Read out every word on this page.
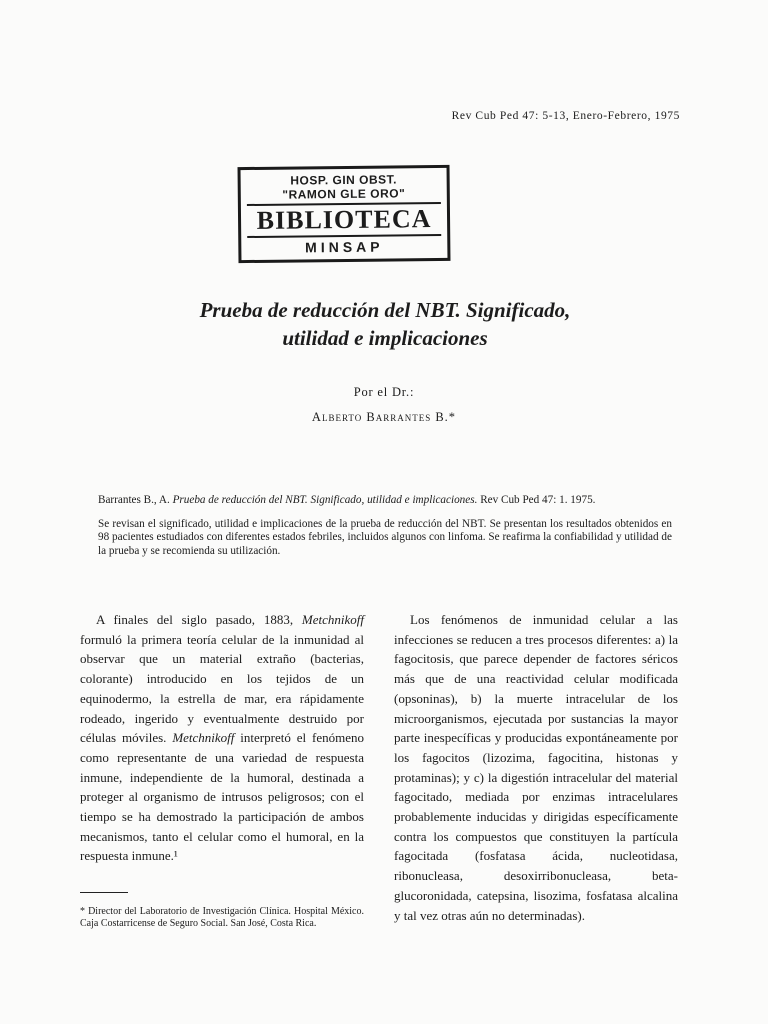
Rev Cub Ped 47: 5-13, Enero-Febrero, 1975
HOSP. GIN OBST.
"RAMON GLE ORO"
BIBLIOTECA
MINSAP
Prueba de reducción del NBT. Significado,
utilidad e implicaciones
Por el Dr.:
Alberto Barrantes B.*

Barrantes B., A. Prueba de reducción del NBT. Significado, utilidad e implicaciones. Rev Cub Ped 47: 1. 1975.

Se revisan el significado, utilidad e implicaciones de la prueba de reducción del NBT. Se presentan los resultados obtenidos en 98 pacientes estudiados con diferentes estados febriles, incluidos algunos con linfoma. Se reafirma la confiabilidad y utilidad de la prueba y se recomienda su utilización.

A finales del siglo pasado, 1883, Metchnikoff formuló la primera teoría celular de la inmunidad al observar que un material extraño (bacterias, colorante) introducido en los tejidos de un equinodermo, la estrella de mar, era rápidamente rodeado, ingerido y eventualmente destruido por células móviles. Metchnikoff interpretó el fenómeno como representante de una variedad de respuesta inmune, independiente de la humoral, destinada a proteger al organismo de intrusos peligrosos; con el tiempo se ha demostrado la participación de ambos mecanismos, tanto el celular como el humoral, en la respuesta inmune.¹

* Director del Laboratorio de Investigación Clínica. Hospital México. Caja Costarricense de Seguro Social. San José, Costa Rica.

Los fenómenos de inmunidad celular a las infecciones se reducen a tres procesos diferentes: a) la fagocitosis, que parece depender de factores séricos más que de una reactividad celular modificada (opsoninas), b) la muerte intracelular de los microorganismos, ejecutada por sustancias la mayor parte inespecíficas y producidas expontáneamente por los fagocitos (lizozima, fagocitina, histonas y protaminas); y c) la digestión intracelular del material fagocitado, mediada por enzimas intracelulares probablemente inducidas y dirigidas específicamente contra los compuestos que constituyen la partícula fagocitada (fosfatasa ácida, nucleotidasa, ribonucleasa, desoxirribonucleasa, beta-glucoronidada, catepsina, lisozima, fosfatasa alcalina y tal vez otras aún no determinadas).
